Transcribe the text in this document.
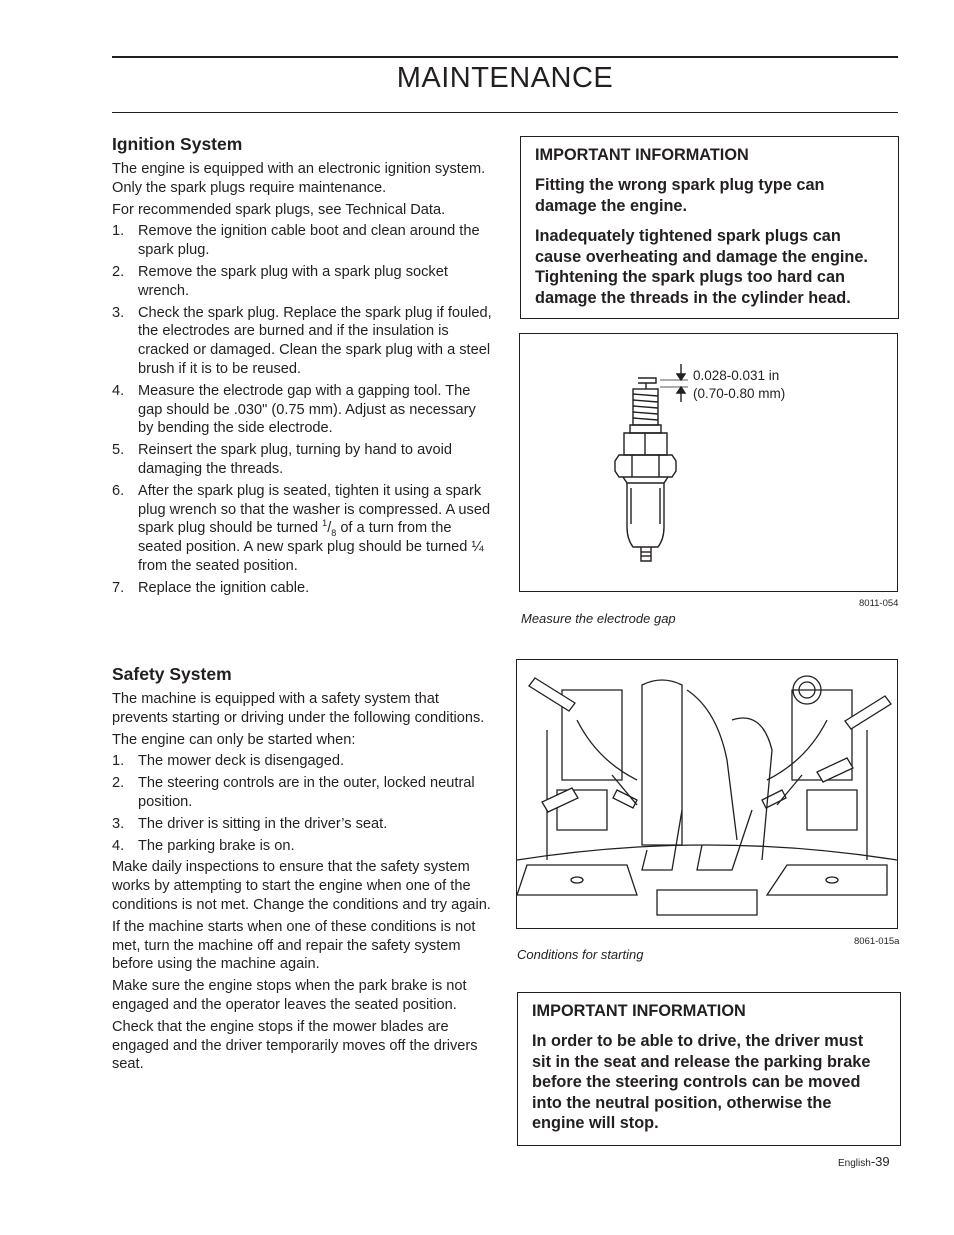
MAINTENANCE
Ignition System

The engine is equipped with an electronic ignition system. Only the spark plugs require maintenance.

For recommended spark plugs, see Technical Data.

1. Remove the ignition cable boot and clean around the spark plug.
2. Remove the spark plug with a spark plug socket wrench.
3. Check the spark plug. Replace the spark plug if fouled, the electrodes are burned and if the insulation is cracked or damaged. Clean the spark plug with a steel brush if it is to be reused.
4. Measure the electrode gap with a gapping tool. The gap should be .030" (0.75 mm). Adjust as necessary by bending the side electrode.
5. Reinsert the spark plug, turning by hand to avoid damaging the threads.
6. After the spark plug is seated, tighten it using a spark plug wrench so that the washer is compressed. A used spark plug should be turned $^1/_8$ of a turn from the seated position. A new spark plug should be turned ¼ from the seated position.
7. Replace the ignition cable.

IMPORTANT INFORMATION

Fitting the wrong spark plug type can damage the engine.

Inadequately tightened spark plugs can cause overheating and damage the engine. Tightening the spark plugs too hard can damage the threads in the cylinder head.

0.028-0.031 in
(0.70-0.80 mm)
8011-054
Measure the electrode gap
Safety System

The machine is equipped with a safety system that prevents starting or driving under the following conditions.

The engine can only be started when:

1. The mower deck is disengaged.
2. The steering controls are in the outer, locked neutral position.
3. The driver is sitting in the driver’s seat.
4. The parking brake is on.

Make daily inspections to ensure that the safety system works by attempting to start the engine when one of the conditions is not met. Change the conditions and try again.

If the machine starts when one of these conditions is not met, turn the machine off and repair the safety system before using the machine again.

Make sure the engine stops when the park brake is not engaged and the operator leaves the seated position.

Check that the engine stops if the mower blades are engaged and the driver temporarily moves off the drivers seat.

8061-015a
Conditions for starting

IMPORTANT INFORMATION

In order to be able to drive, the driver must sit in the seat and release the parking brake before the steering controls can be moved into the neutral position, otherwise the engine will stop.

English-39
